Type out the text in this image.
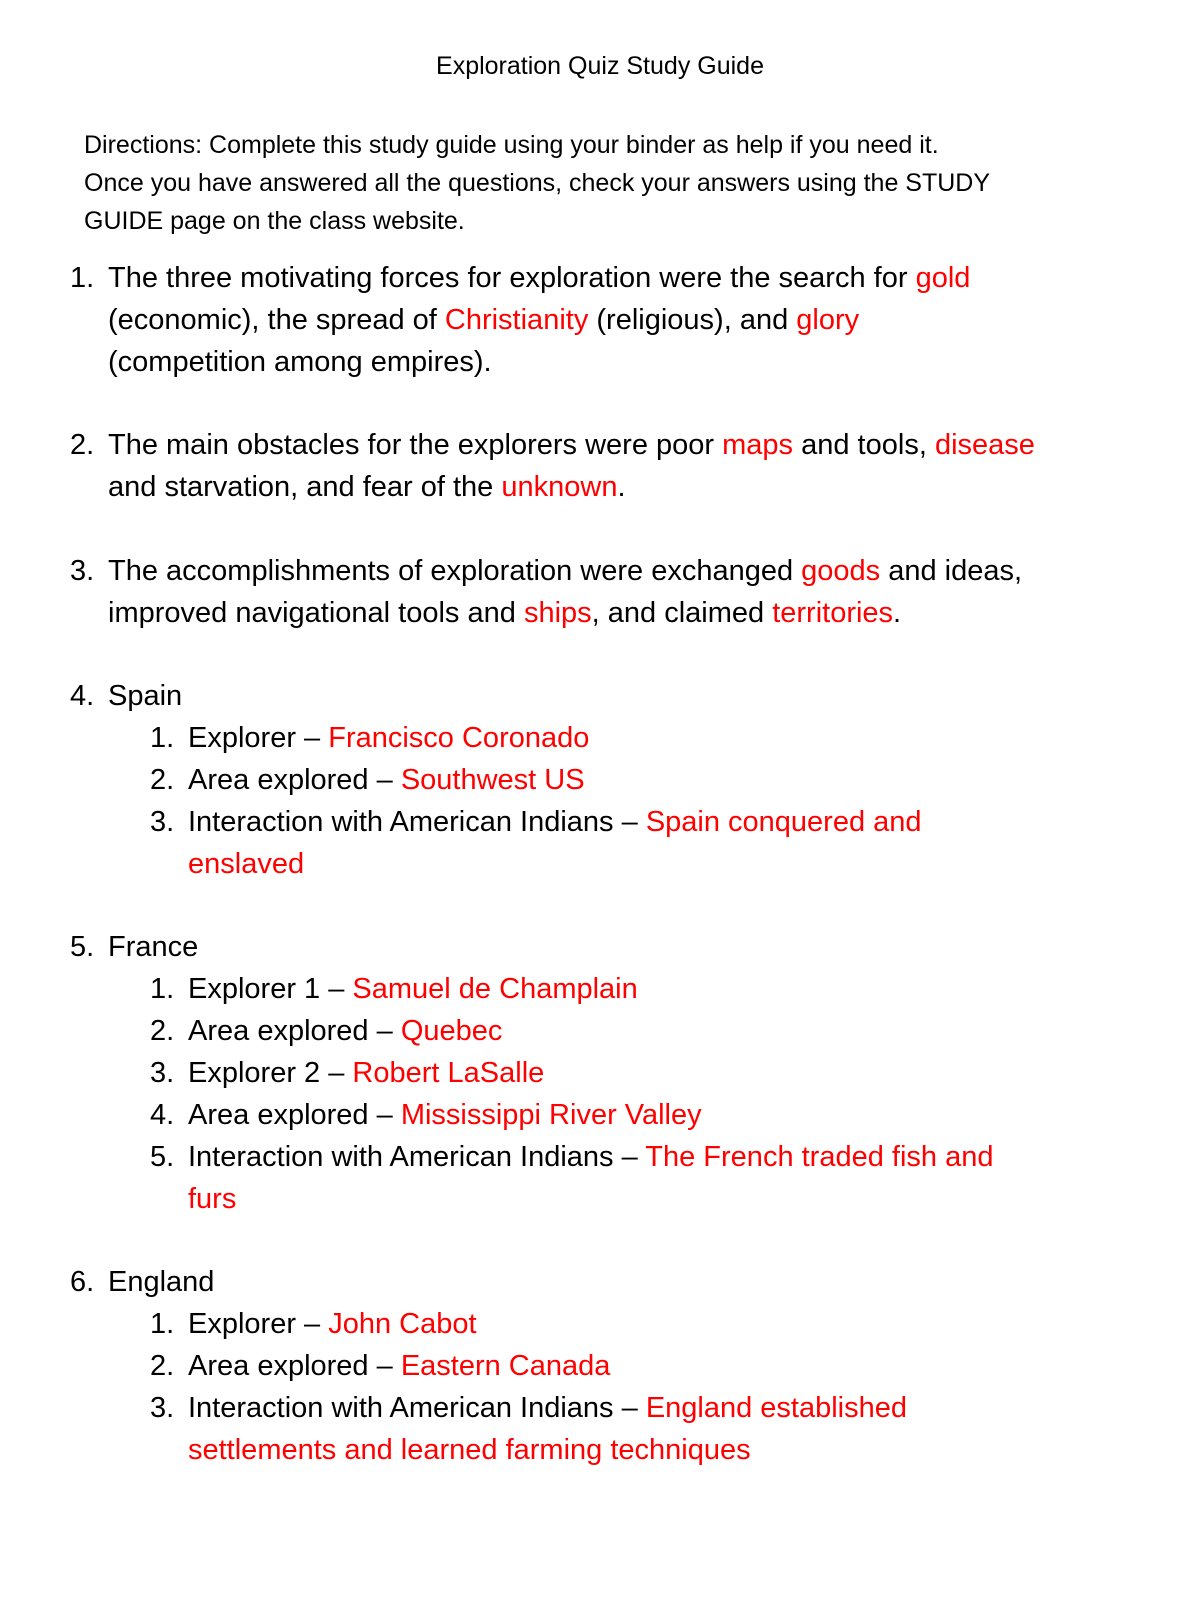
Exploration Quiz Study Guide
Directions: Complete this study guide using your binder as help if you need it.
Once you have answered all the questions, check your answers using the STUDY
GUIDE page on the class website.
1. The three motivating forces for exploration were the search for gold
(economic), the spread of Christianity (religious), and glory
(competition among empires).
2. The main obstacles for the explorers were poor maps and tools, disease
and starvation, and fear of the unknown.
3. The accomplishments of exploration were exchanged goods and ideas,
improved navigational tools and ships, and claimed territories.
4. Spain
1. Explorer – Francisco Coronado
2. Area explored – Southwest US
3. Interaction with American Indians – Spain conquered and
enslaved
5. France
1. Explorer 1 – Samuel de Champlain
2. Area explored – Quebec
3. Explorer 2 – Robert LaSalle
4. Area explored – Mississippi River Valley
5. Interaction with American Indians – The French traded fish and
furs
6. England
1. Explorer – John Cabot
2. Area explored – Eastern Canada
3. Interaction with American Indians – England established
settlements and learned farming techniques
